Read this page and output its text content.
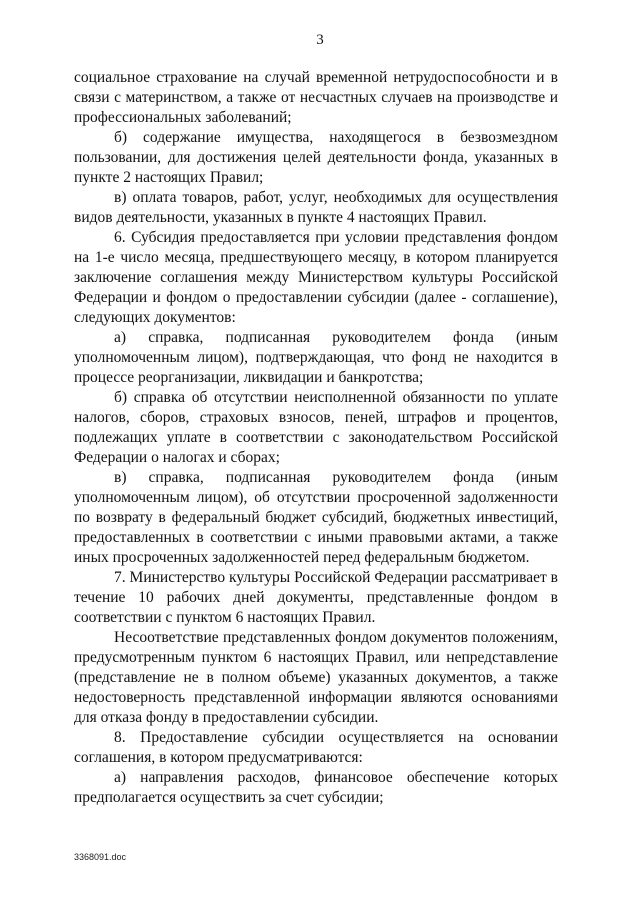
3

социальное страхование на случай временной нетрудоспособности и в связи с материнством, а также от несчастных случаев на производстве и профессиональных заболеваний;

б) содержание имущества, находящегося в безвозмездном пользовании, для достижения целей деятельности фонда, указанных в пункте 2 настоящих Правил;

в) оплата товаров, работ, услуг, необходимых для осуществления видов деятельности, указанных в пункте 4 настоящих Правил.

6. Субсидия предоставляется при условии представления фондом на 1-е число месяца, предшествующего месяцу, в котором планируется заключение соглашения между Министерством культуры Российской Федерации и фондом о предоставлении субсидии (далее - соглашение), следующих документов:

а) справка, подписанная руководителем фонда (иным уполномоченным лицом), подтверждающая, что фонд не находится в процессе реорганизации, ликвидации и банкротства;

б) справка об отсутствии неисполненной обязанности по уплате налогов, сборов, страховых взносов, пеней, штрафов и процентов, подлежащих уплате в соответствии с законодательством Российской Федерации о налогах и сборах;

в) справка, подписанная руководителем фонда (иным уполномоченным лицом), об отсутствии просроченной задолженности по возврату в федеральный бюджет субсидий, бюджетных инвестиций, предоставленных в соответствии с иными правовыми актами, а также иных просроченных задолженностей перед федеральным бюджетом.

7. Министерство культуры Российской Федерации рассматривает в течение 10 рабочих дней документы, представленные фондом в соответствии с пунктом 6 настоящих Правил.

Несоответствие представленных фондом документов положениям, предусмотренным пунктом 6 настоящих Правил, или непредставление (представление не в полном объеме) указанных документов, а также недостоверность представленной информации являются основаниями для отказа фонду в предоставлении субсидии.

8. Предоставление субсидии осуществляется на основании соглашения, в котором предусматриваются:

а) направления расходов, финансовое обеспечение которых предполагается осуществить за счет субсидии;

3368091.doc
